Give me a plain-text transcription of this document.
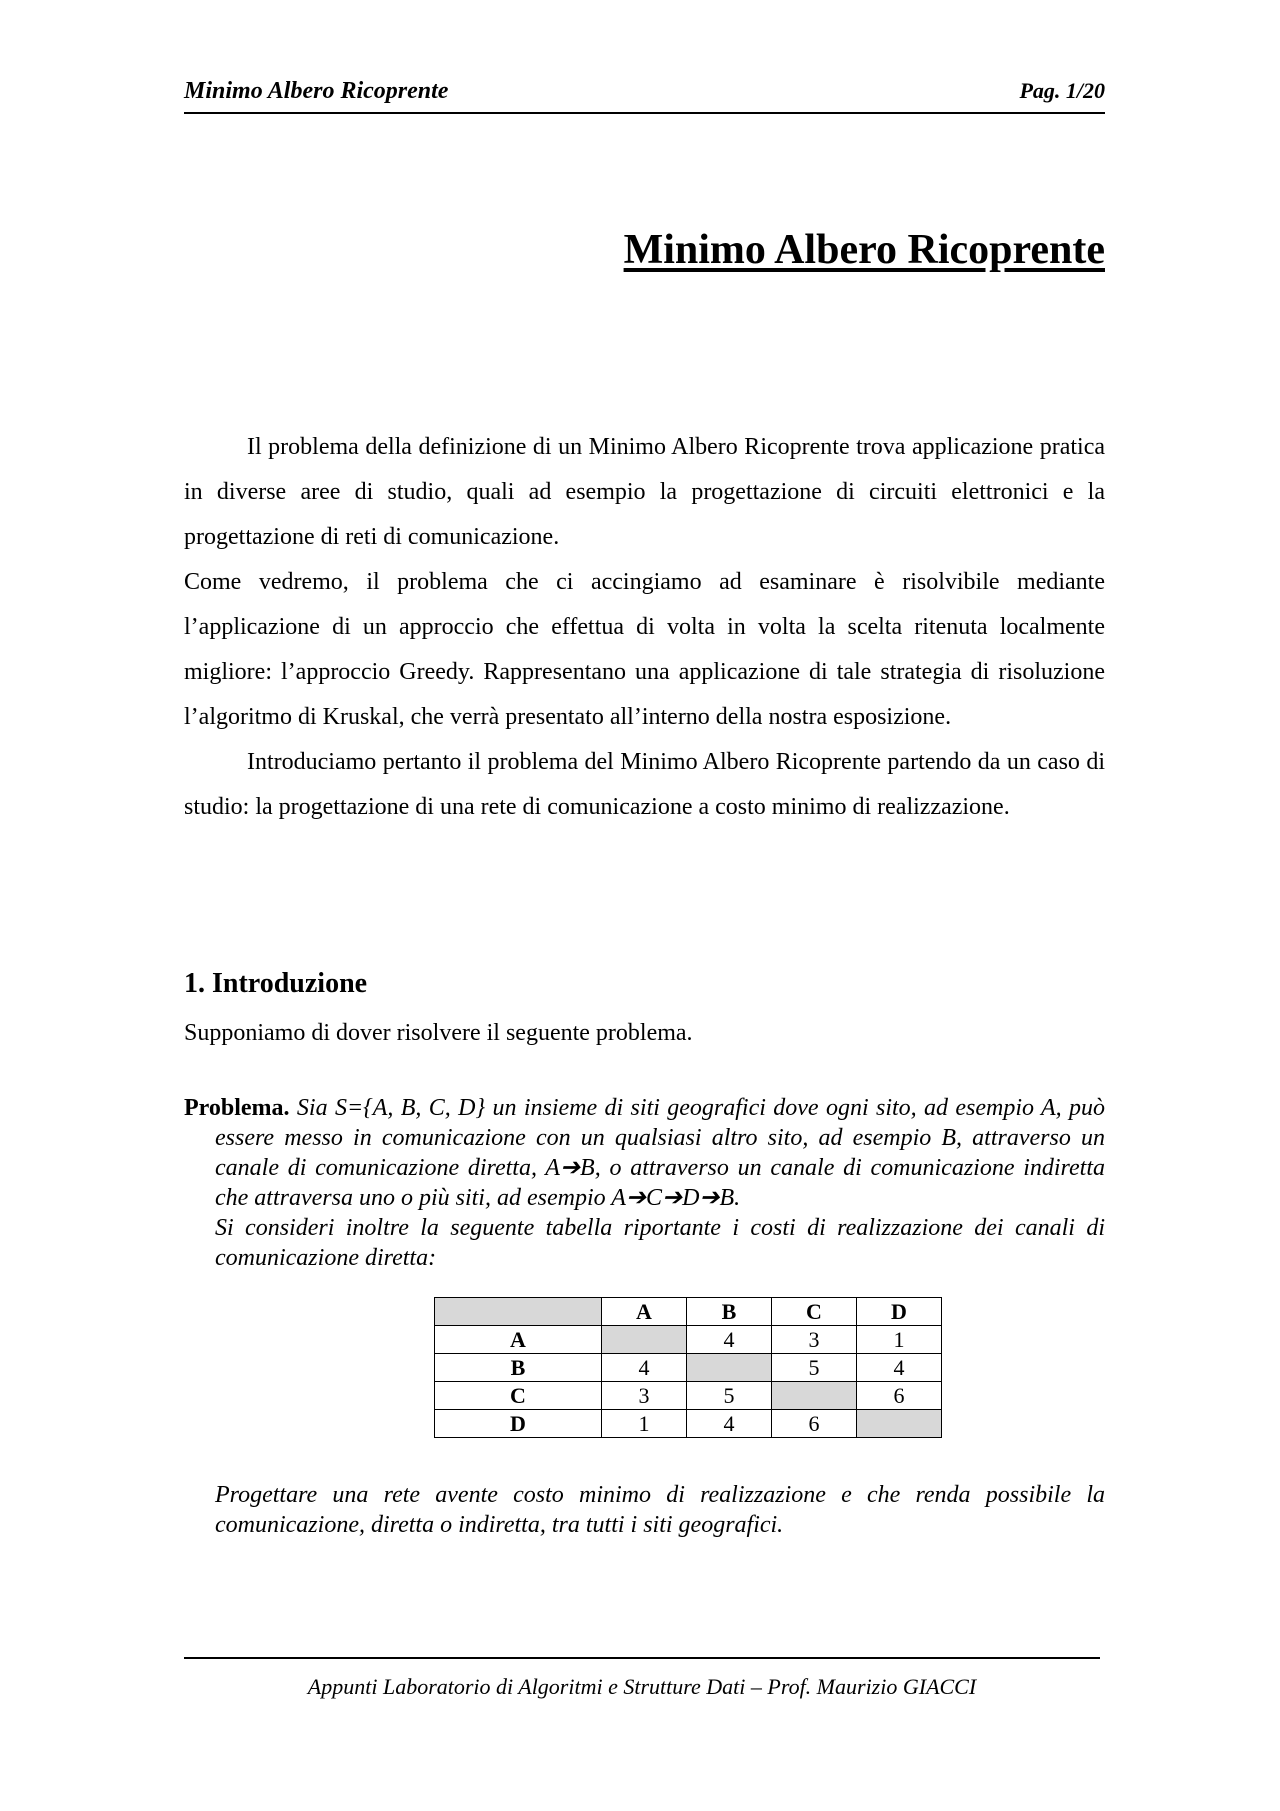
Minimo Albero Ricoprente	Pag. 1/20
Minimo Albero Ricoprente

Il problema della definizione di un Minimo Albero Ricoprente trova applicazione pratica in diverse aree di studio, quali ad esempio la progettazione di circuiti elettronici e la progettazione di reti di comunicazione.

Come vedremo, il problema che ci accingiamo ad esaminare è risolvibile mediante l’applicazione di un approccio che effettua di volta in volta la scelta ritenuta localmente migliore: l’approccio Greedy. Rappresentano una applicazione di tale strategia di risoluzione l’algoritmo di Kruskal, che verrà presentato all’interno della nostra esposizione.

Introduciamo pertanto il problema del Minimo Albero Ricoprente partendo da un caso di studio: la progettazione di una rete di comunicazione a costo minimo di realizzazione.

1. Introduzione
Supponiamo di dover risolvere il seguente problema.
Problema. Sia S={A, B, C, D} un insieme di siti geografici dove ogni sito, ad esempio A, può essere messo in comunicazione con un qualsiasi altro sito, ad esempio B, attraverso un canale di comunicazione diretta, A➔B, o attraverso un canale di comunicazione indiretta che attraversa uno o più siti, ad esempio A➔C➔D➔B.

Si consideri inoltre la seguente tabella riportante i costi di realizzazione dei canali di comunicazione diretta:

	A	B	C	D
A		4	3	1
B	4		5	4
C	3	5		6
D	1	4	6	
Progettare una rete avente costo minimo di realizzazione e che renda possibile la comunicazione, diretta o indiretta, tra tutti i siti geografici.
Appunti Laboratorio di Algoritmi e Strutture Dati – Prof. Maurizio GIACCI
